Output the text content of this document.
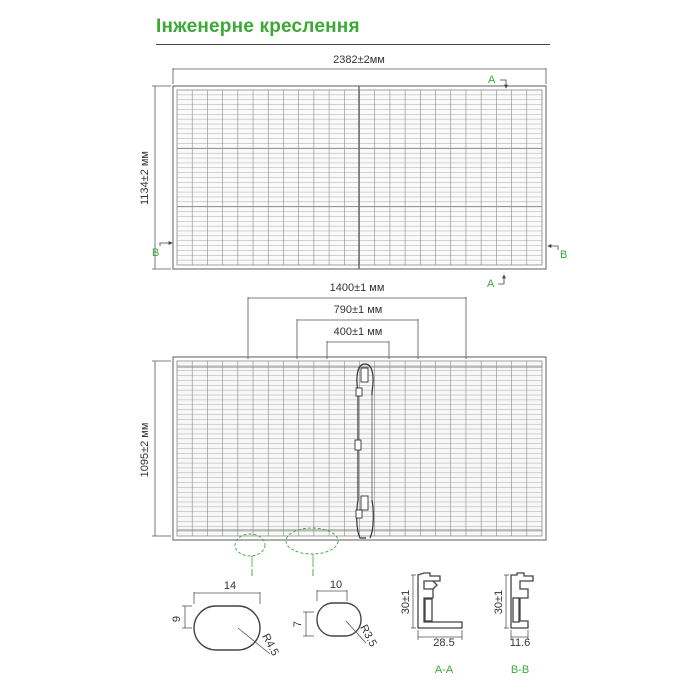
Інженерне креслення
2382±2мм
1134±2 мм
A
A
B	B
1400±1 мм
790±1 мм
400±1 мм
1095±2 мм
I	I
14
9
R4.5
10
7	R3.5
30±1
28.5
A-A
30±1
11.6
B-B
